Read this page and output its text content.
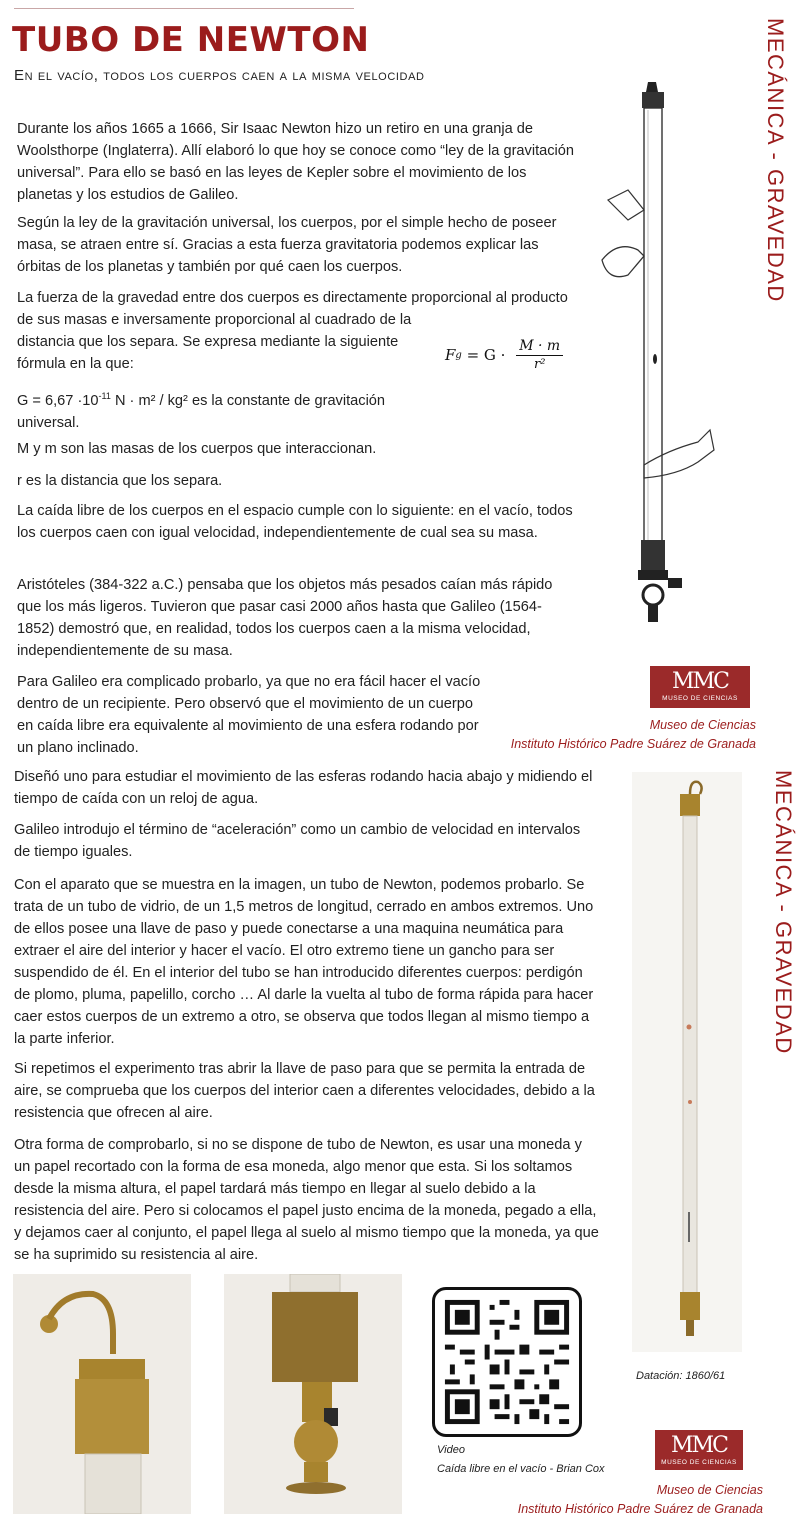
TUBO DE NEWTON
En el vacío, todos los cuerpos caen a la misma velocidad	MECÁNICA - GRAVEDAD
MECÁNICA - GRAVEDAD
Durante los años 1665 a 1666, Sir Isaac Newton hizo un retiro en una granja de Woolsthorpe (Inglaterra). Allí elaboró lo que hoy se conoce como “ley de la gravitación universal”. Para ello se basó en las leyes de Kepler sobre el movimiento de los planetas y los estudios de Galileo.
Según la ley de la gravitación universal, los cuerpos, por el simple hecho de poseer masa, se atraen entre sí. Gracias a esta fuerza gravitatoria podemos explicar las órbitas de los planetas y también por qué caen los cuerpos.
La fuerza de la gravedad entre dos cuerpos es directamente proporcional al producto de sus masas e inversamente proporcional al cuadrado de la
distancia que los separa. Se expresa mediante la siguiente fórmula en la que:	F $g = G \cdot \frac{M \cdot m}{\text{r²}}$
$G = 6,67 \cdot 10^{-11}$ N · m² / kg² es la constante de gravitación universal.
M y m son las masas de los cuerpos que interaccionan.
r es la distancia que los separa.
La caída libre de los cuerpos en el espacio cumple con lo siguiente: en el vacío, todos los cuerpos caen con igual velocidad, independientemente de cual sea su masa.
Aristóteles (384-322 a.C.) pensaba que los objetos más pesados caían más rápido que los más ligeros. Tuvieron que pasar casi 2000 años hasta que Galileo (1564-1852) demostró que, en realidad, todos los cuerpos caen a la misma velocidad, independientemente de su masa.
Para Galileo era complicado probarlo, ya que no era fácil hacer el vacío dentro de un recipiente. Pero observó que el movimiento de un cuerpo en caída libre era equivalente al movimiento de una esfera rodando por un plano inclinado.
MMC
MUSEO DE CIENCIAS
Museo de Ciencias
Instituto Histórico Padre Suárez de Granada
Diseñó uno para estudiar el movimiento de las esferas rodando hacia abajo y midiendo el tiempo de caída con un reloj de agua.
Galileo introdujo el término de “aceleración” como un cambio de velocidad en intervalos de tiempo iguales.
Con el aparato que se muestra en la imagen, un tubo de Newton, podemos probarlo. Se trata de un tubo de vidrio, de un 1,5 metros de longitud, cerrado en ambos extremos. Uno de ellos posee una llave de paso y puede conectarse a una maquina neumática para extraer el aire del interior y hacer el vacío. El otro extremo tiene un gancho para ser suspendido de él. En el interior del tubo se han introducido diferentes cuerpos: perdigón de plomo, pluma, papelillo, corcho … Al darle la vuelta al tubo de forma rápida para hacer caer estos cuerpos de un extremo a otro, se observa que todos llegan al mismo tiempo a la parte inferior.
Si repetimos el experimento tras abrir la llave de paso para que se permita la entrada de aire, se comprueba que los cuerpos del interior caen a diferentes velocidades, debido a la resistencia que ofrecen al aire.
Otra forma de comprobarlo, si no se dispone de tubo de Newton, es usar una moneda y un papel recortado con la forma de esa moneda, algo menor que esta. Si los soltamos desde la misma altura, el papel tardará más tiempo en llegar al suelo debido a la resistencia del aire. Pero si colocamos el papel justo encima de la moneda, pegado a ella, y dejamos caer al conjunto, el papel llega al suelo al mismo tiempo que la moneda, ya que se ha suprimido su resistencia al aire.
Datación: 1860/61
Video
Caída libre en el vacío - Brian Cox
MMC
MUSEO DE CIENCIAS
Museo de Ciencias
Instituto Histórico Padre Suárez de Granada
